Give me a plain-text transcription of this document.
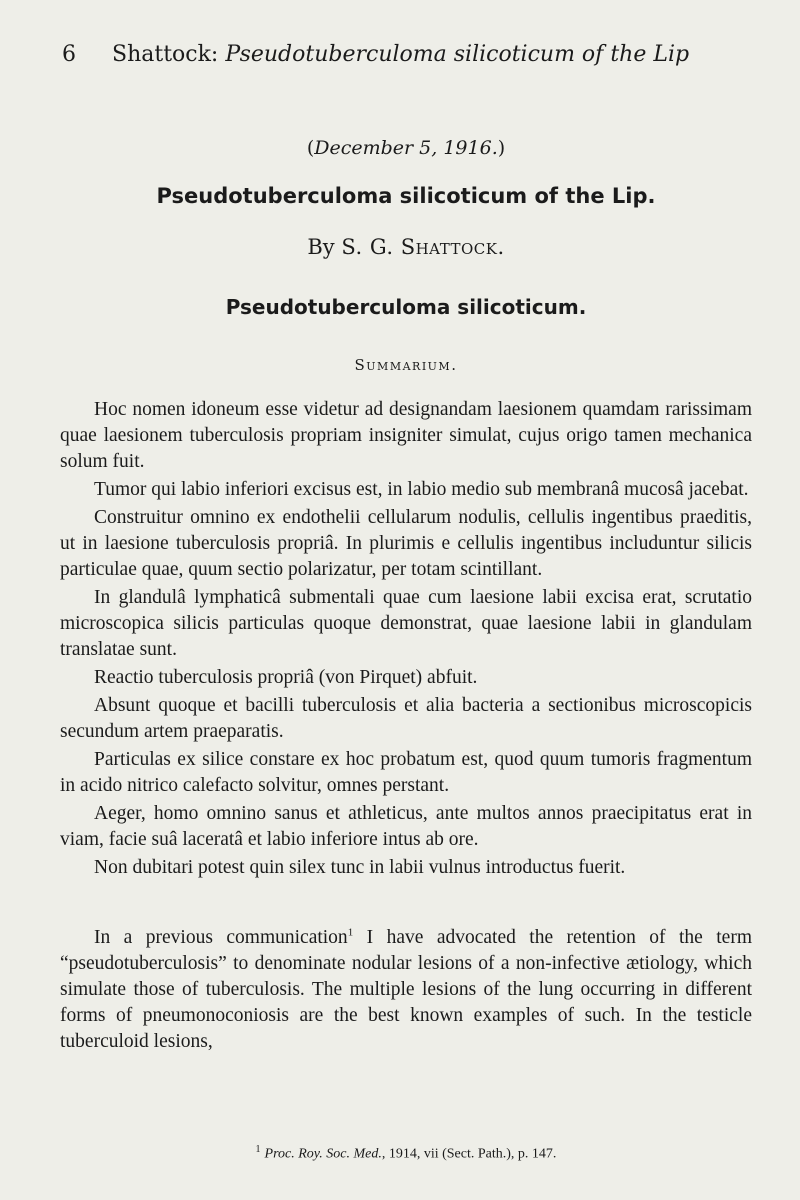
6 Shattock: Pseudotuberculoma silicoticum of the Lip
(December 5, 1916.)
Pseudotuberculoma silicoticum of the Lip.
By S. G. Shattock.
Pseudotuberculoma silicoticum.
Summarium.

Hoc nomen idoneum esse videtur ad designandam laesionem quamdam rarissimam quae laesionem tuberculosis propriam insigniter simulat, cujus origo tamen mechanica solum fuit.

Tumor qui labio inferiori excisus est, in labio medio sub membranâ mucosâ jacebat.

Construitur omnino ex endothelii cellularum nodulis, cellulis ingentibus praeditis, ut in laesione tuberculosis propriâ. In plurimis e cellulis ingentibus includuntur silicis particulae quae, quum sectio polarizatur, per totam scintillant.

In glandulâ lymphaticâ submentali quae cum laesione labii excisa erat, scrutatio microscopica silicis particulas quoque demonstrat, quae laesione labii in glandulam translatae sunt.

Reactio tuberculosis propriâ (von Pirquet) abfuit.

Absunt quoque et bacilli tuberculosis et alia bacteria a sectionibus microscopicis secundum artem praeparatis.

Particulas ex silice constare ex hoc probatum est, quod quum tumoris fragmentum in acido nitrico calefacto solvitur, omnes perstant.

Aeger, homo omnino sanus et athleticus, ante multos annos praecipitatus erat in viam, facie suâ laceratâ et labio inferiore intus ab ore.

Non dubitari potest quin silex tunc in labii vulnus introductus fuerit.

In a previous communication$^1$ I have advocated the retention of the term “pseudotuberculosis” to denominate nodular lesions of a non-infective ætiology, which simulate those of tuberculosis. The multiple lesions of the lung occurring in different forms of pneumonoconiosis are the best known examples of such. In the testicle tuberculoid lesions,

$^1$ Proc. Roy. Soc. Med., 1914, vii (Sect. Path.), p. 147.
